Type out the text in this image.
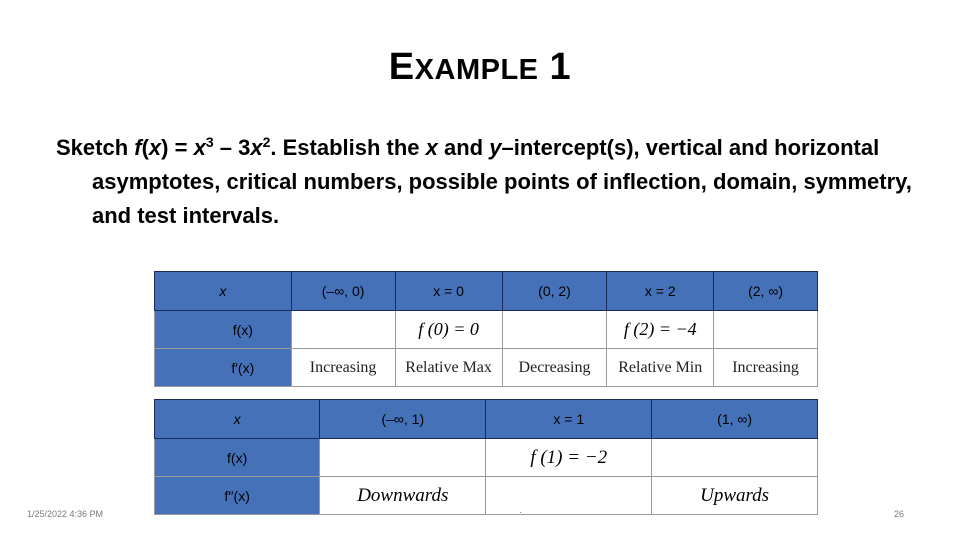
EXAMPLE 1
Sketch $f(x) = x^3 - 3x^2$. Establish the x and y–intercept(s), vertical and horizontal asymptotes, critical numbers, possible points of inflection, domain, symmetry, and test intervals.
x	(–∞, 0)	x = 0	(0, 2)	x = 2	(2, ∞)
f(x)		f (0) = 0		f (2) = −4	
f′(x)	Increasing	Relative Max	Decreasing	Relative Min	Increasing
x	(–∞, 1)	x = 1	(1, ∞)
f(x)		f (1) = −2	
f′′(x)	Downwards		Upwards
1/25/2022 4:36 PM	·	26
